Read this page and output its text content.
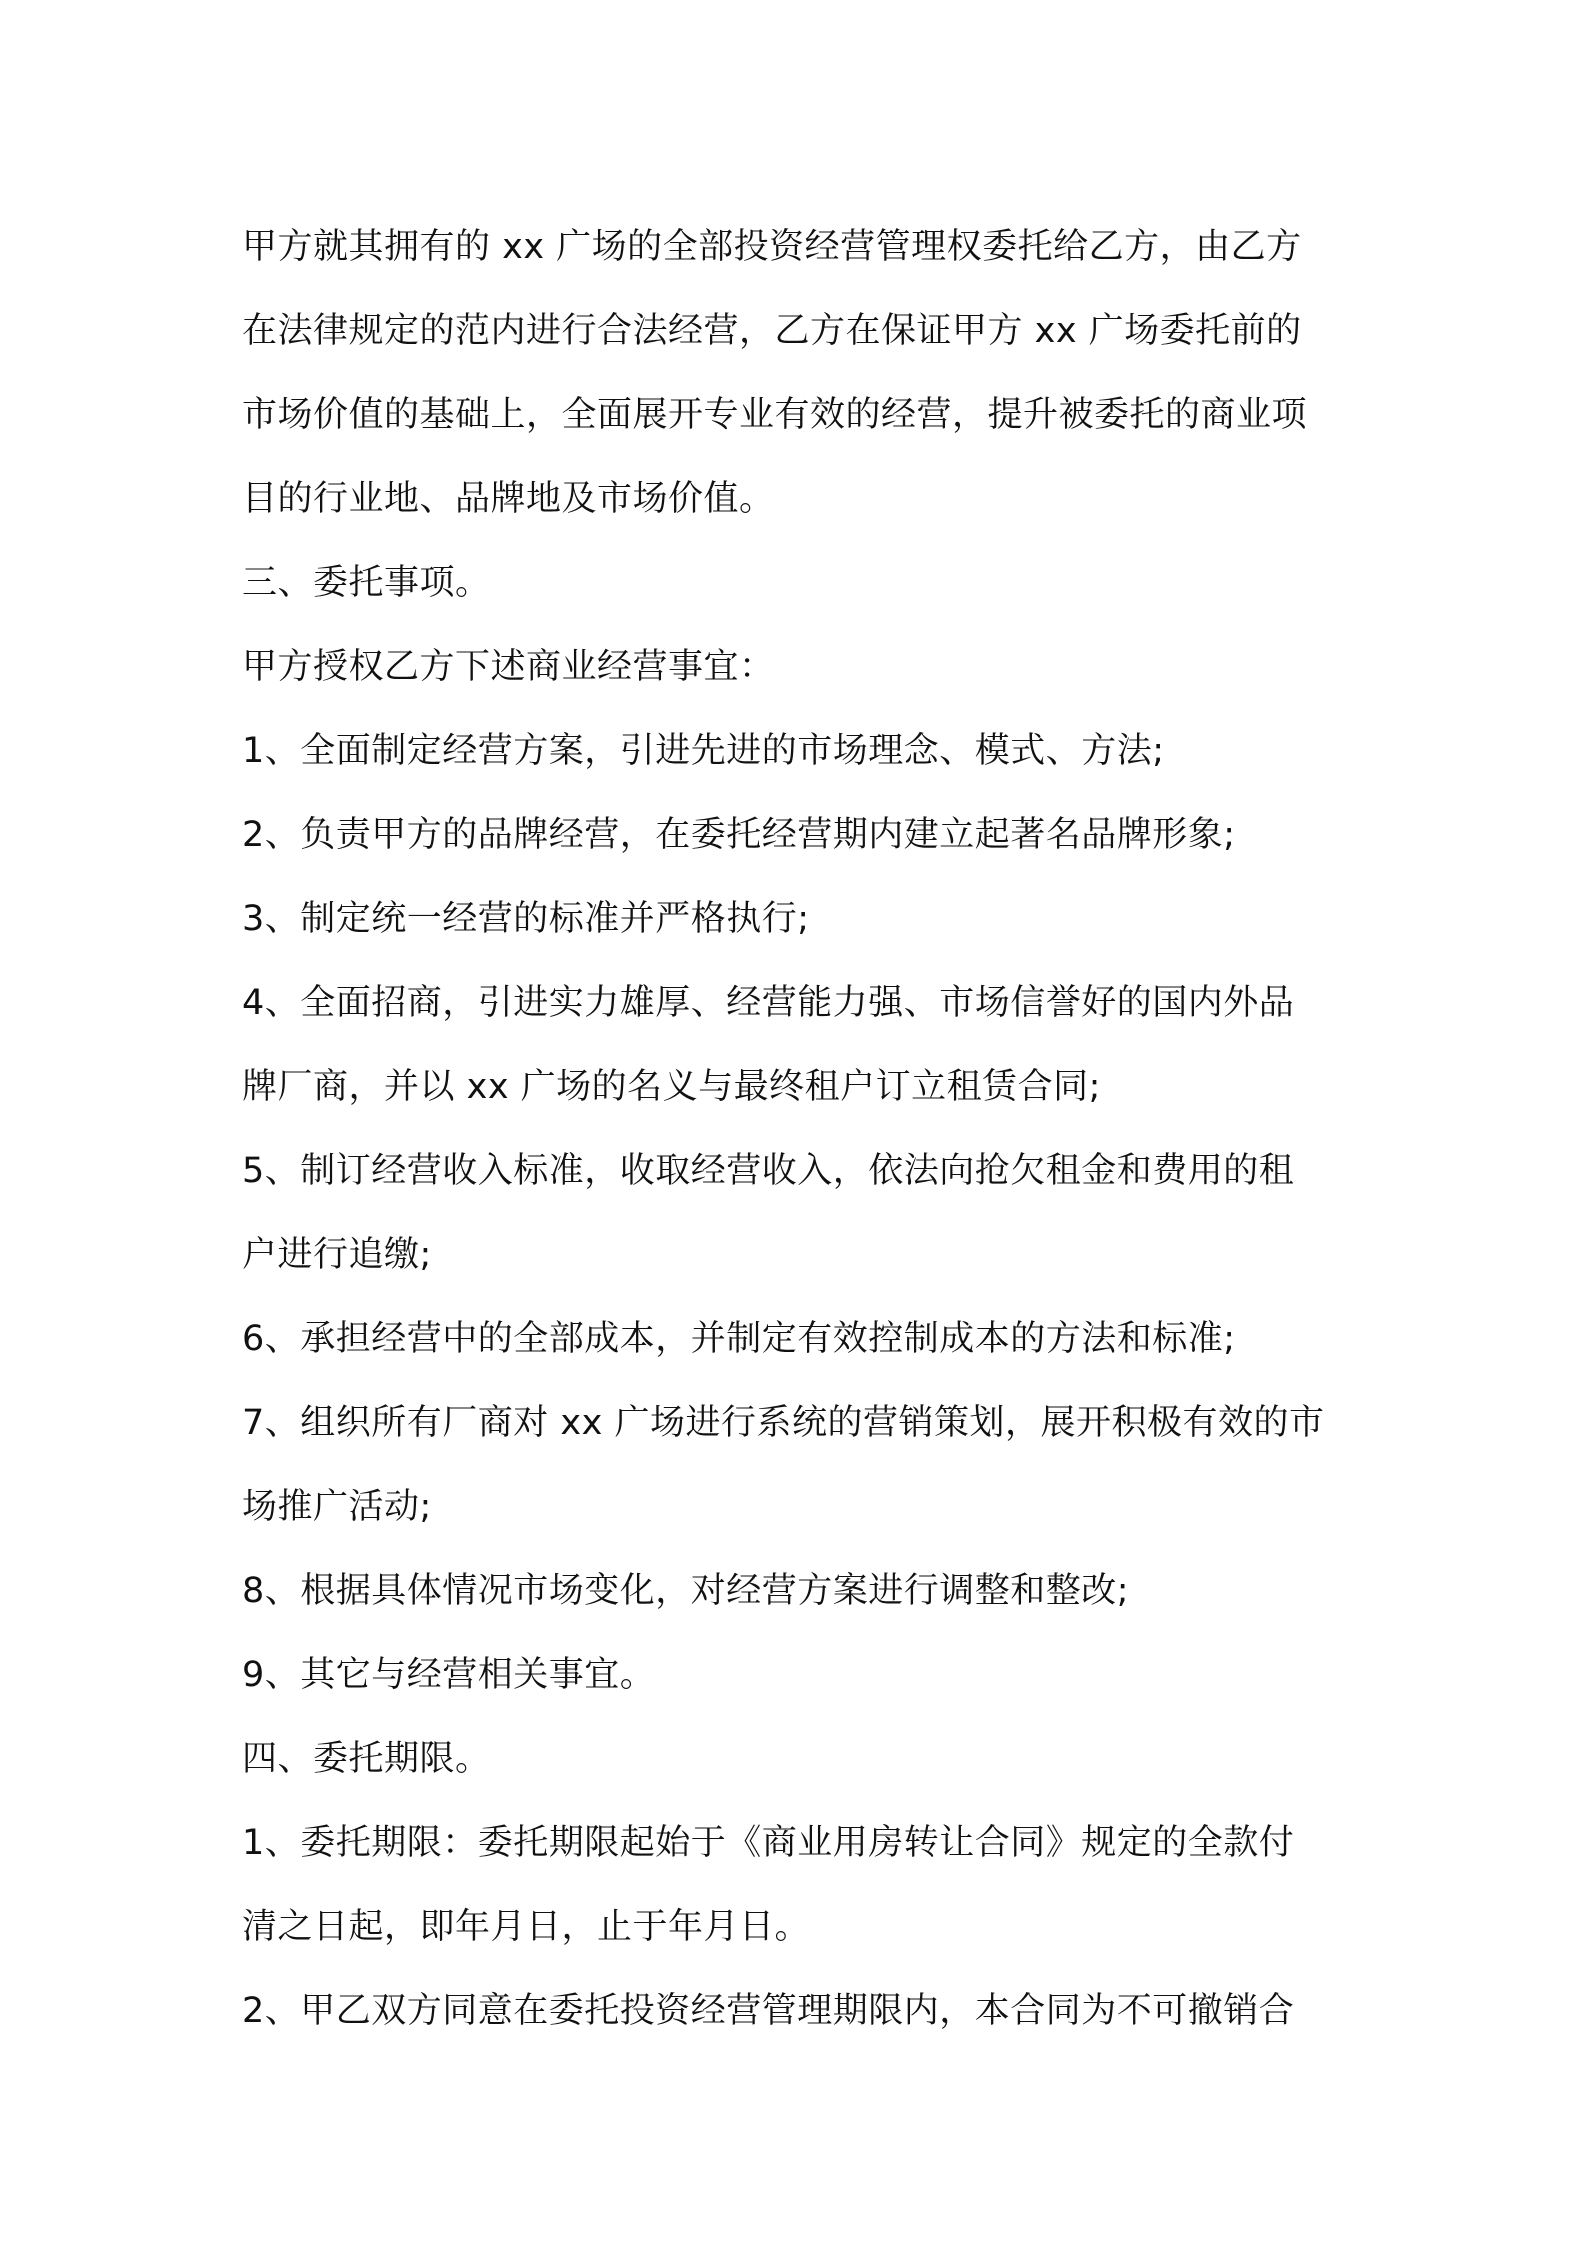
甲方就其拥有的 xx 广场的全部投资经营管理权委托给乙方，由乙方

在法律规定的范内进行合法经营，乙方在保证甲方 xx 广场委托前的

市场价值的基础上，全面展开专业有效的经营，提升被委托的商业项

目的行业地、品牌地及市场价值。

三、委托事项。

甲方授权乙方下述商业经营事宜：

1、全面制定经营方案，引进先进的市场理念、模式、方法;

2、负责甲方的品牌经营，在委托经营期内建立起著名品牌形象;

3、制定统一经营的标准并严格执行;

4、全面招商，引进实力雄厚、经营能力强、市场信誉好的国内外品

牌厂商，并以 xx 广场的名义与最终租户订立租赁合同;

5、制订经营收入标准，收取经营收入，依法向抢欠租金和费用的租

户进行追缴;

6、承担经营中的全部成本，并制定有效控制成本的方法和标准;

7、组织所有厂商对 xx 广场进行系统的营销策划，展开积极有效的市

场推广活动;

8、根据具体情况市场变化，对经营方案进行调整和整改;

9、其它与经营相关事宜。

四、委托期限。

1、委托期限：委托期限起始于《商业用房转让合同》规定的全款付

清之日起，即年月日，止于年月日。

2、甲乙双方同意在委托投资经营管理期限内，本合同为不可撤销合
